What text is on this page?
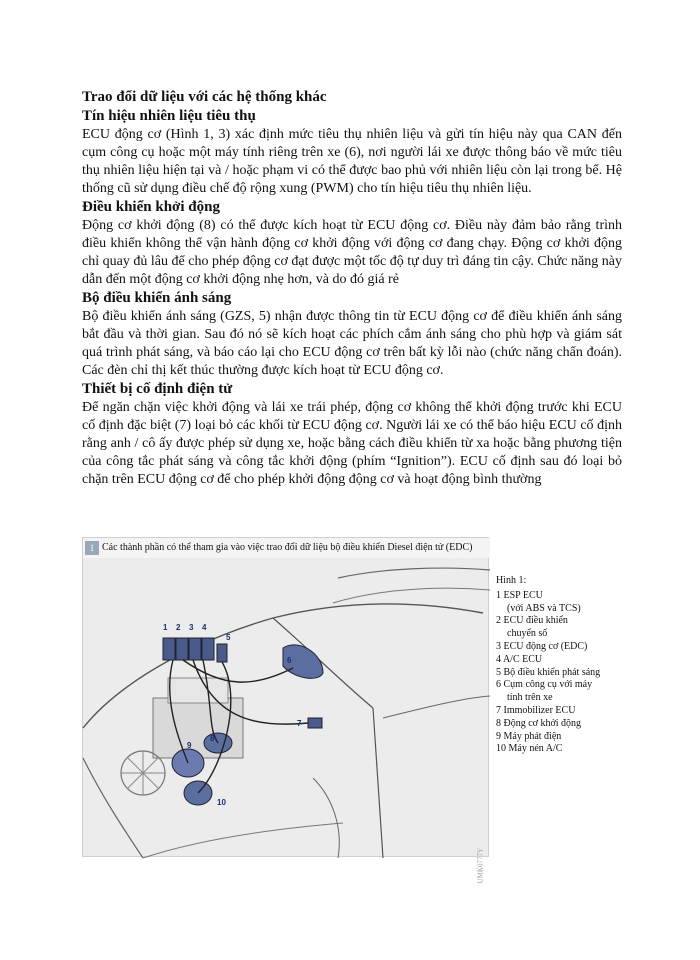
Trao đổi dữ liệu với các hệ thống khác

Tín hiệu nhiên liệu tiêu thụ

ECU động cơ (Hình 1, 3) xác định mức tiêu thụ nhiên liệu và gửi tín hiệu này qua CAN đến cụm công cụ hoặc một máy tính riêng trên xe (6), nơi người lái xe được thông báo về mức tiêu thụ nhiên liệu hiện tại và / hoặc phạm vi có thể được bao phủ với nhiên liệu còn lại trong bể. Hệ thống cũ sử dụng điều chế độ rộng xung (PWM) cho tín hiệu tiêu thụ nhiên liệu.

Điều khiển khởi động

Động cơ khởi động (8) có thể được kích hoạt từ ECU động cơ. Điều này đảm bảo rằng trình điều khiển không thể vận hành động cơ khởi động với động cơ đang chạy. Động cơ khởi động chỉ quay đủ lâu để cho phép động cơ đạt được một tốc độ tự duy trì đáng tin cậy. Chức năng này dẫn đến một động cơ khởi động nhẹ hơn, và do đó giá rẻ

Bộ điều khiển ánh sáng

Bộ điều khiển ánh sáng (GZS, 5) nhận được thông tin từ ECU động cơ để điều khiển ánh sáng bắt đầu và thời gian. Sau đó nó sẽ kích hoạt các phích cắm ánh sáng cho phù hợp và giám sát quá trình phát sáng, và báo cáo lại cho ECU động cơ trên bất kỳ lỗi nào (chức năng chẩn đoán). Các đèn chỉ thị kết thúc thường được kích hoạt từ ECU động cơ.

Thiết bị cố định điện tử

Để ngăn chặn việc khởi động và lái xe trái phép, động cơ không thể khởi động trước khi ECU cố định đặc biệt (7) loại bỏ các khối từ ECU động cơ. Người lái xe có thể báo hiệu ECU cố định rằng anh / cô ấy được phép sử dụng xe, hoặc bằng cách điều khiển từ xa hoặc bằng phương tiện của công tắc phát sáng và công tắc khởi động (phím “Ignition”). ECU cố định sau đó loại bỏ chặn trên ECU động cơ để cho phép khởi động động cơ và hoạt động bình thường

1 Các thành phần có thể tham gia vào việc trao đổi dữ liệu bộ điều khiển Diesel điện tử (EDC)
1 2 3 4
5
6
7
8
9
10
UMK0777Y
Hình 1:
1 ESP ECU
(với ABS và TCS)
2 ECU điều khiển
chuyển số
3 ECU động cơ (EDC)
4 A/C ECU
5 Bộ điều khiển phát sáng
6 Cụm công cụ với máy
tính trên xe
7 Immobilizer ECU
8 Động cơ khởi động
9 Máy phát điện
10 Máy nén A/C
